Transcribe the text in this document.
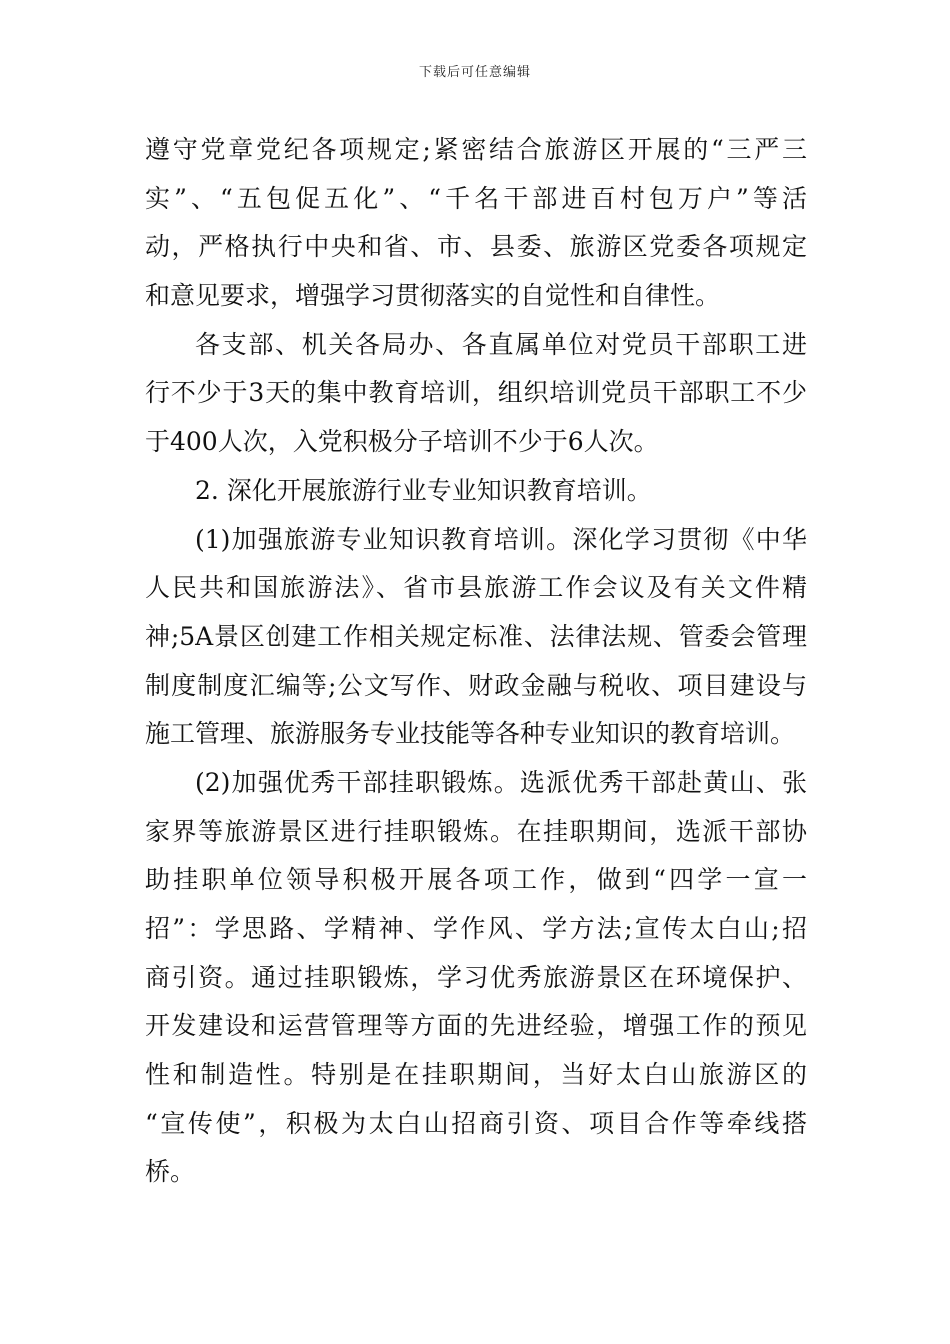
下载后可任意编辑
遵守党章党纪各项规定;紧密结合旅游区开展的“三严三
实”、“五包促五化”、“千名干部进百村包万户”等活
动，严格执行中央和省、市、县委、旅游区党委各项规定
和意见要求，增强学习贯彻落实的自觉性和自律性。
各支部、机关各局办、各直属单位对党员干部职工进
行不少于3天的集中教育培训，组织培训党员干部职工不少
于400人次，入党积极分子培训不少于6人次。
2. 深化开展旅游行业专业知识教育培训。
(1)加强旅游专业知识教育培训。深化学习贯彻《中华
人民共和国旅游法》、省市县旅游工作会议及有关文件精
神;5A景区创建工作相关规定标准、法律法规、管委会管理
制度制度汇编等;公文写作、财政金融与税收、项目建设与
施工管理、旅游服务专业技能等各种专业知识的教育培训。
(2)加强优秀干部挂职锻炼。选派优秀干部赴黄山、张
家界等旅游景区进行挂职锻炼。在挂职期间，选派干部协
助挂职单位领导积极开展各项工作，做到“四学一宣一
招”：学思路、学精神、学作风、学方法;宣传太白山;招
商引资。通过挂职锻炼，学习优秀旅游景区在环境保护、
开发建设和运营管理等方面的先进经验，增强工作的预见
性和制造性。特别是在挂职期间，当好太白山旅游区的
“宣传使”，积极为太白山招商引资、项目合作等牵线搭
桥。
